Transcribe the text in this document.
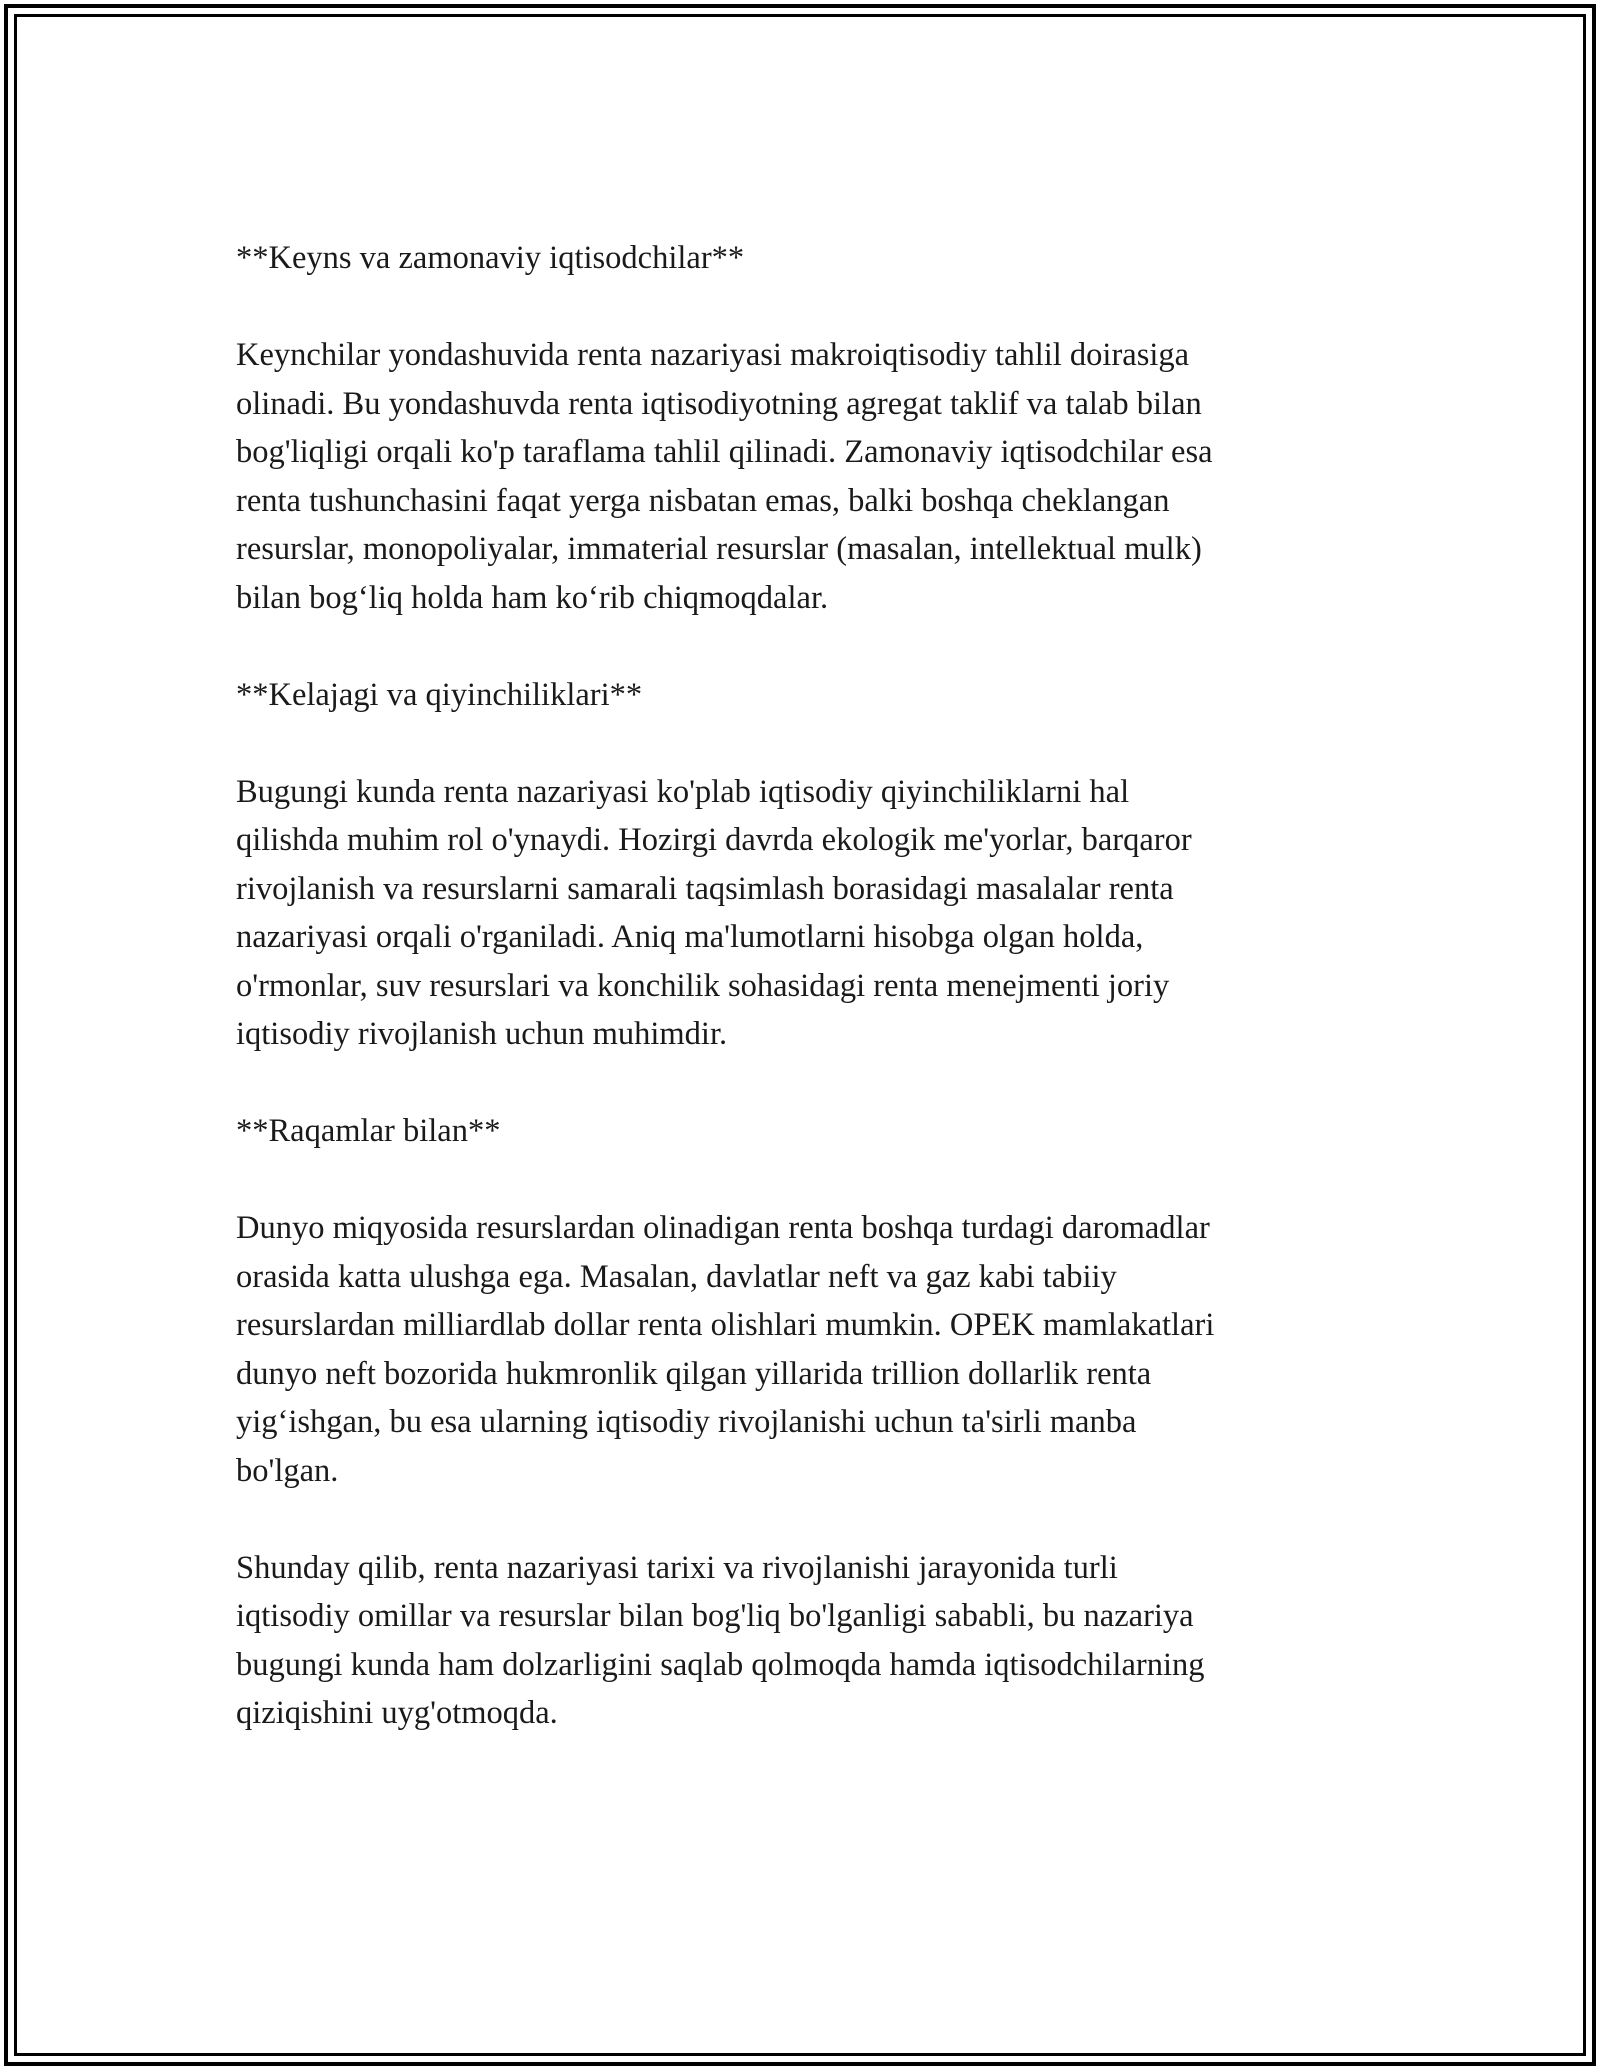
**Keyns va zamonaviy iqtisodchilar**

Keynchilar yondashuvida renta nazariyasi makroiqtisodiy tahlil doirasiga
olinadi. Bu yondashuvda renta iqtisodiyotning agregat taklif va talab bilan
bog'liqligi orqali ko'p taraflama tahlil qilinadi. Zamonaviy iqtisodchilar esa
renta tushunchasini faqat yerga nisbatan emas, balki boshqa cheklangan
resurslar, monopoliyalar, immaterial resurslar (masalan, intellektual mulk)
bilan bog‘liq holda ham ko‘rib chiqmoqdalar.

**Kelajagi va qiyinchiliklari**

Bugungi kunda renta nazariyasi ko'plab iqtisodiy qiyinchiliklarni hal
qilishda muhim rol o'ynaydi. Hozirgi davrda ekologik me'yorlar, barqaror
rivojlanish va resurslarni samarali taqsimlash borasidagi masalalar renta
nazariyasi orqali o'rganiladi. Aniq ma'lumotlarni hisobga olgan holda,
o'rmonlar, suv resurslari va konchilik sohasidagi renta menejmenti joriy
iqtisodiy rivojlanish uchun muhimdir.

**Raqamlar bilan**

Dunyo miqyosida resurslardan olinadigan renta boshqa turdagi daromadlar
orasida katta ulushga ega. Masalan, davlatlar neft va gaz kabi tabiiy
resurslardan milliardlab dollar renta olishlari mumkin. OPEK mamlakatlari
dunyo neft bozorida hukmronlik qilgan yillarida trillion dollarlik renta
yig‘ishgan, bu esa ularning iqtisodiy rivojlanishi uchun ta'sirli manba
bo'lgan.

Shunday qilib, renta nazariyasi tarixi va rivojlanishi jarayonida turli
iqtisodiy omillar va resurslar bilan bog'liq bo'lganligi sababli, bu nazariya
bugungi kunda ham dolzarligini saqlab qolmoqda hamda iqtisodchilarning
qiziqishini uyg'otmoqda.
